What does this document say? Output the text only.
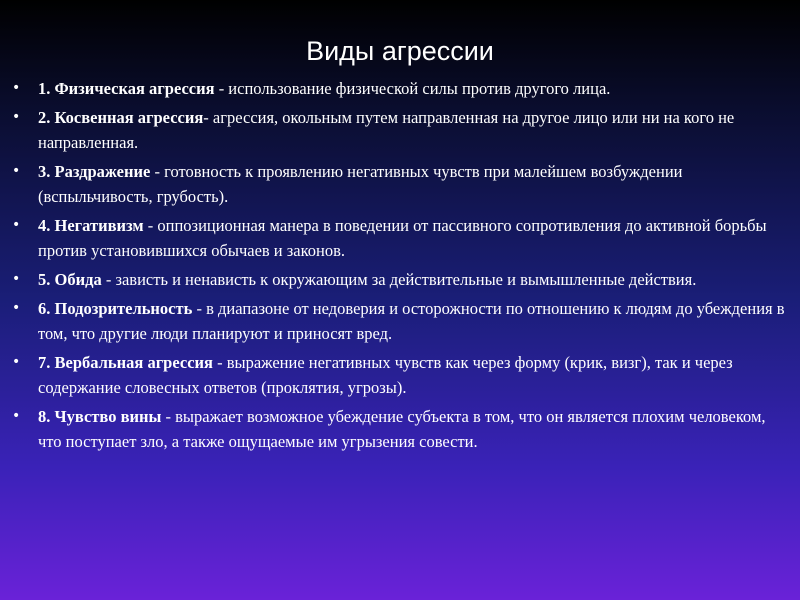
Виды агрессии
• 1. Физическая агрессия - использование физической силы против другого лица.
• 2. Косвенная агрессия- агрессия, окольным путем направленная на другое лицо или ни на кого не направленная.
• 3. Раздражение - готовность к проявлению негативных чувств при малейшем возбуждении (вспыльчивость, грубость).
• 4. Негативизм - оппозиционная манера в поведении от пассивного сопротивления до активной борьбы против установившихся обычаев и законов.
• 5. Обида - зависть и ненависть к окружающим за действительные и вымышленные действия.
• 6. Подозрительность - в диапазоне от недоверия и осторожности по отношению к людям до убеждения в том, что другие люди планируют и приносят вред.
• 7. Вербальная агрессия - выражение негативных чувств как через форму (крик, визг), так и через содержание словесных ответов (проклятия, угрозы).
• 8. Чувство вины - выражает возможное убеждение субъекта в том, что он является плохим человеком, что поступает зло, а также ощущаемые им угрызения совести.
